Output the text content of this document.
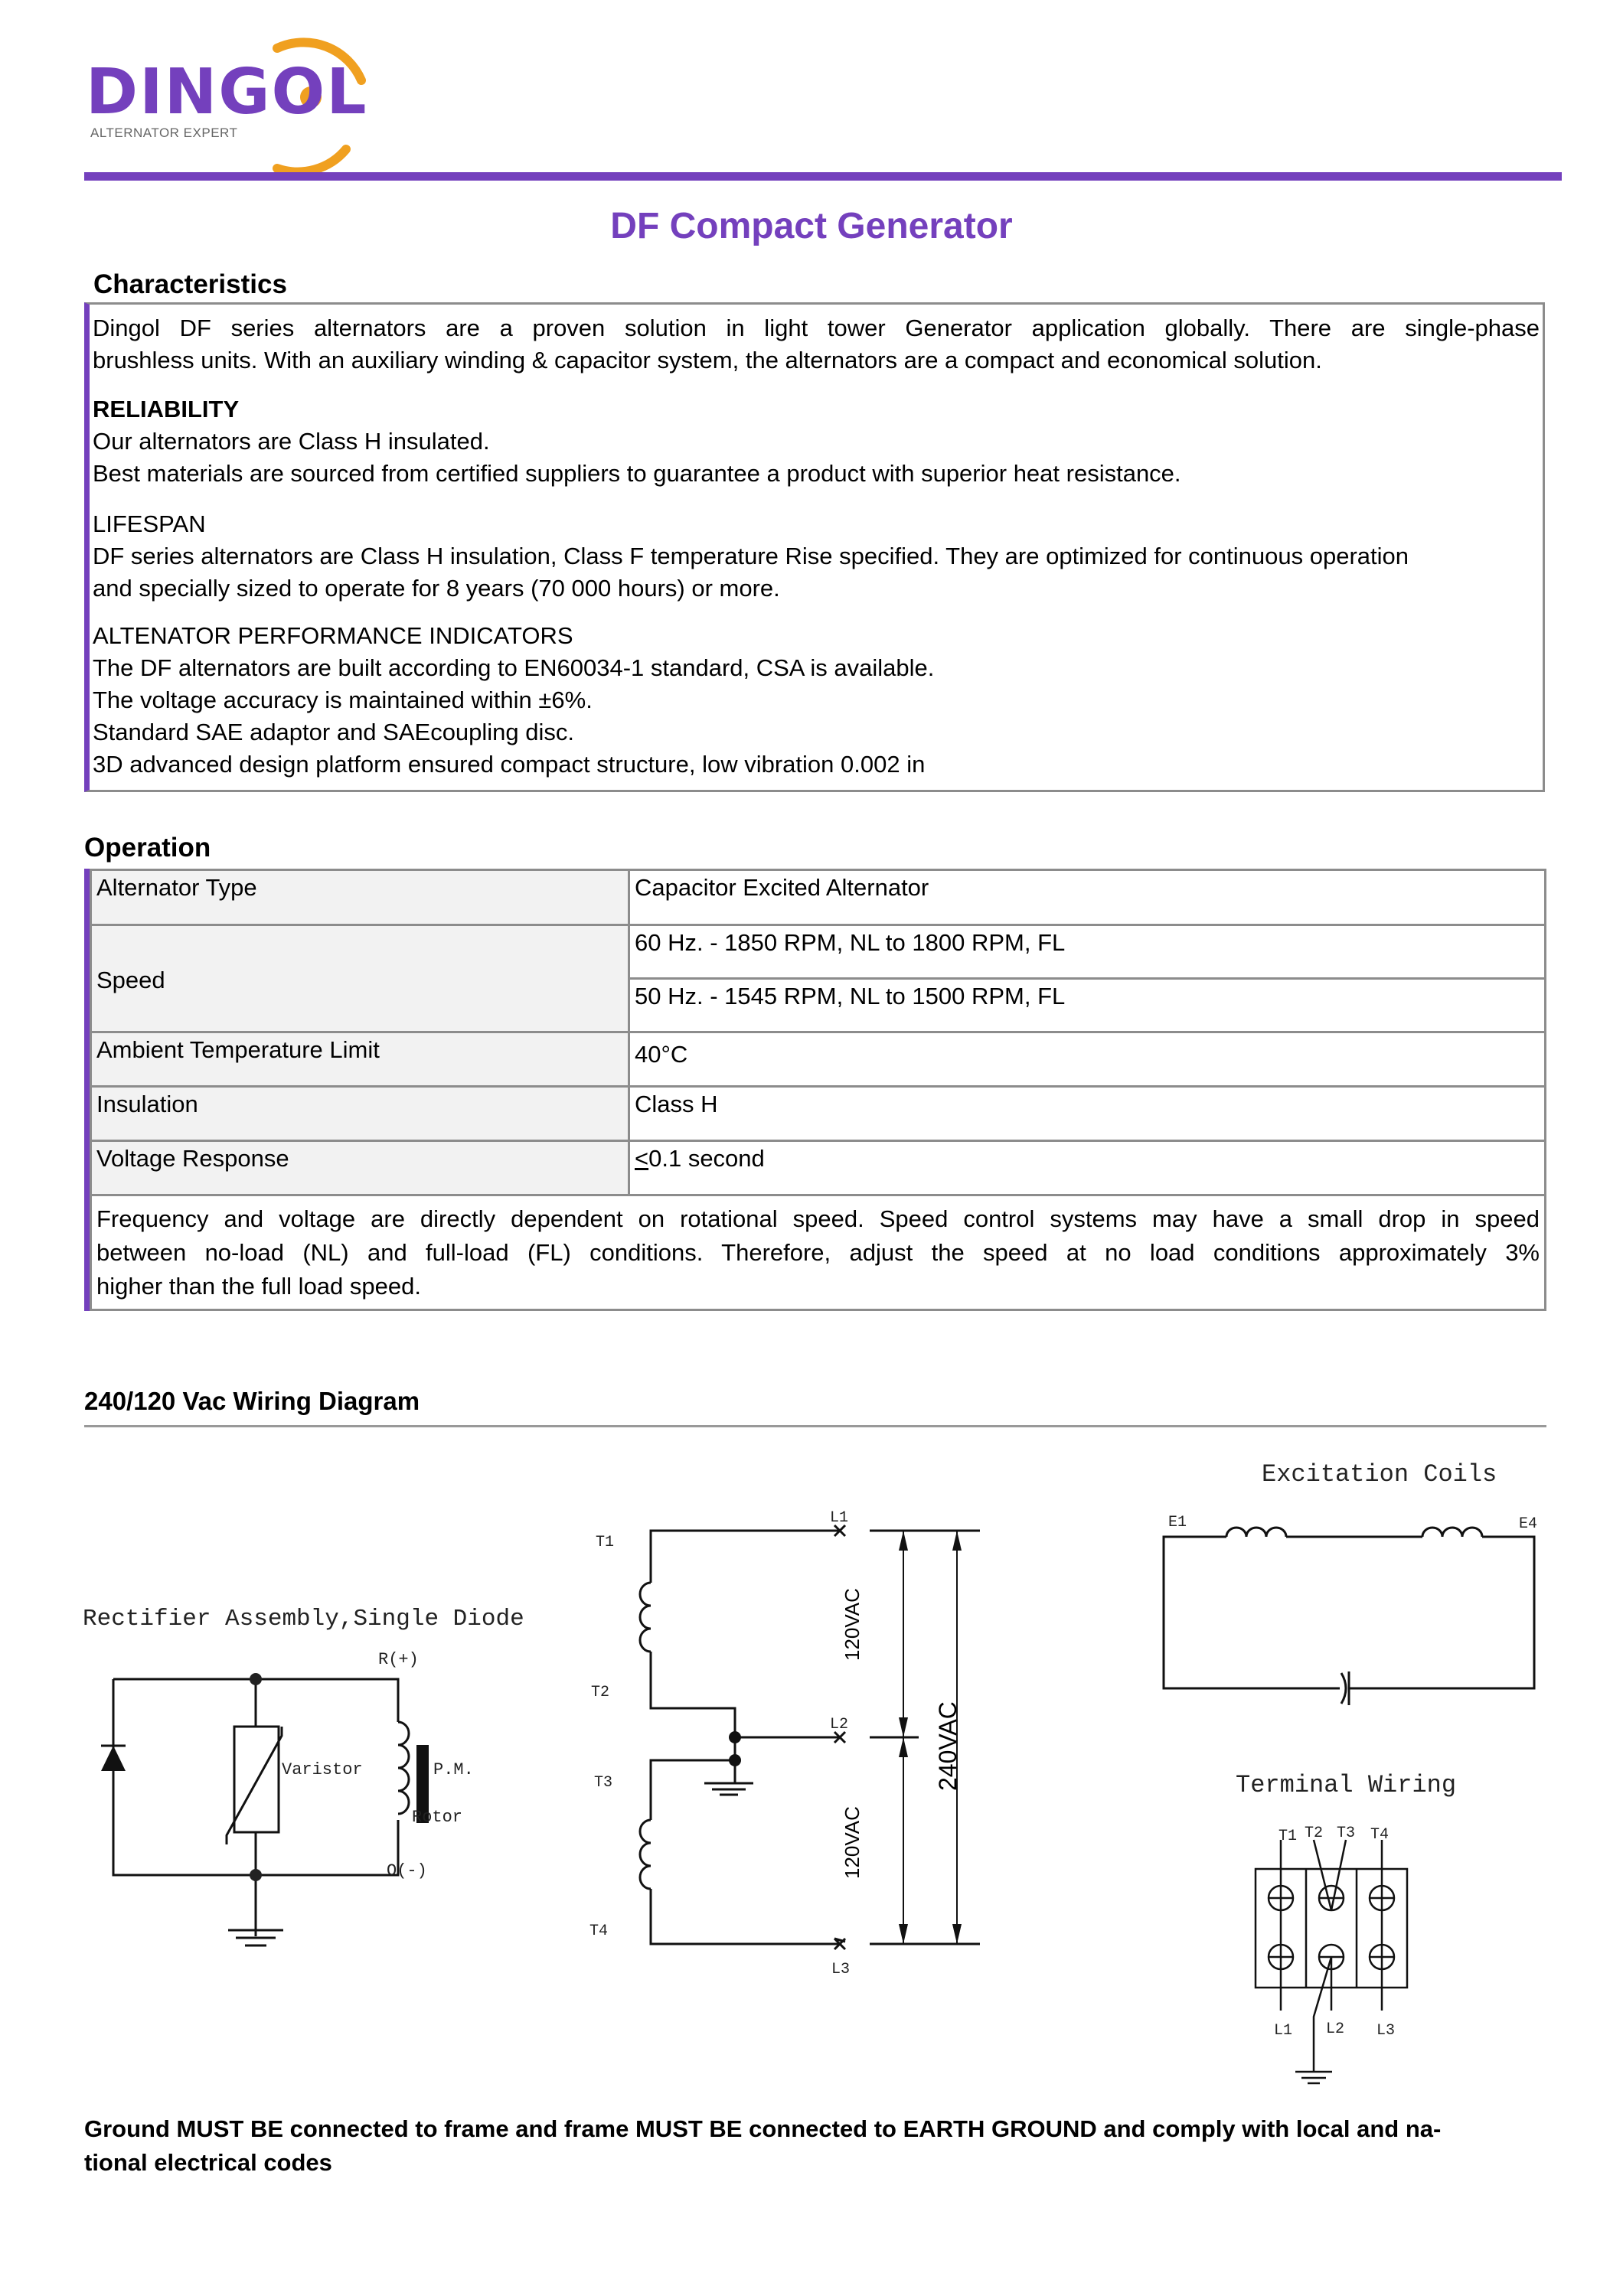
DINGOL
ALTERNATOR EXPERT
DF Compact Generator
Characteristics

Dingol DF series alternators are a proven solution in light tower Generator application globally. There are single-phase

brushless units. With an auxiliary winding & capacitor system, the alternators are a compact and economical solution.

RELIABILITY

Our alternators are Class H insulated.

Best materials are sourced from certified suppliers to guarantee a product with superior heat resistance.

LIFESPAN

DF series alternators are Class H insulation, Class F temperature Rise specified. They are optimized for continuous operation

and specially sized to operate for 8 years (70 000 hours) or more.

ALTENATOR PERFORMANCE INDICATORS

The DF alternators are built according to EN60034-1 standard, CSA is available.

The voltage accuracy is maintained within ±6%.

Standard SAE adaptor and SAEcoupling disc.

3D advanced design platform ensured compact structure, low vibration 0.002 in

Operation
Alternator Type	Capacitor Excited Alternator
Speed	60 Hz. - 1850 RPM, NL to 1800 RPM, FL
	50 Hz. - 1545 RPM, NL to 1500 RPM, FL
Ambient Temperature Limit	40°C
Insulation	Class H
Voltage Response	≤0.1 second

Frequency and voltage are directly dependent on rotational speed. Speed control systems may have a small drop in speed

between no-load (NL) and full-load (FL) conditions. Therefore, adjust the speed at no load conditions approximately 3%

higher than the full load speed.	

240/120 Vac Wiring Diagram
Rectifier Assembly,Single Diode
R(+)
O(-)
Varistor	P.M.
Rotor
T1
T2
T3
T4
L1
L2
L3
120VAC
120VAC
240VAC
Excitation Coils
E1	E4
Terminal Wiring
T1 T2 T3 T4
L1 L2 L3
Ground MUST BE connected to frame and frame MUST BE connected to EARTH GROUND and comply with local and na-
tional electrical codes
